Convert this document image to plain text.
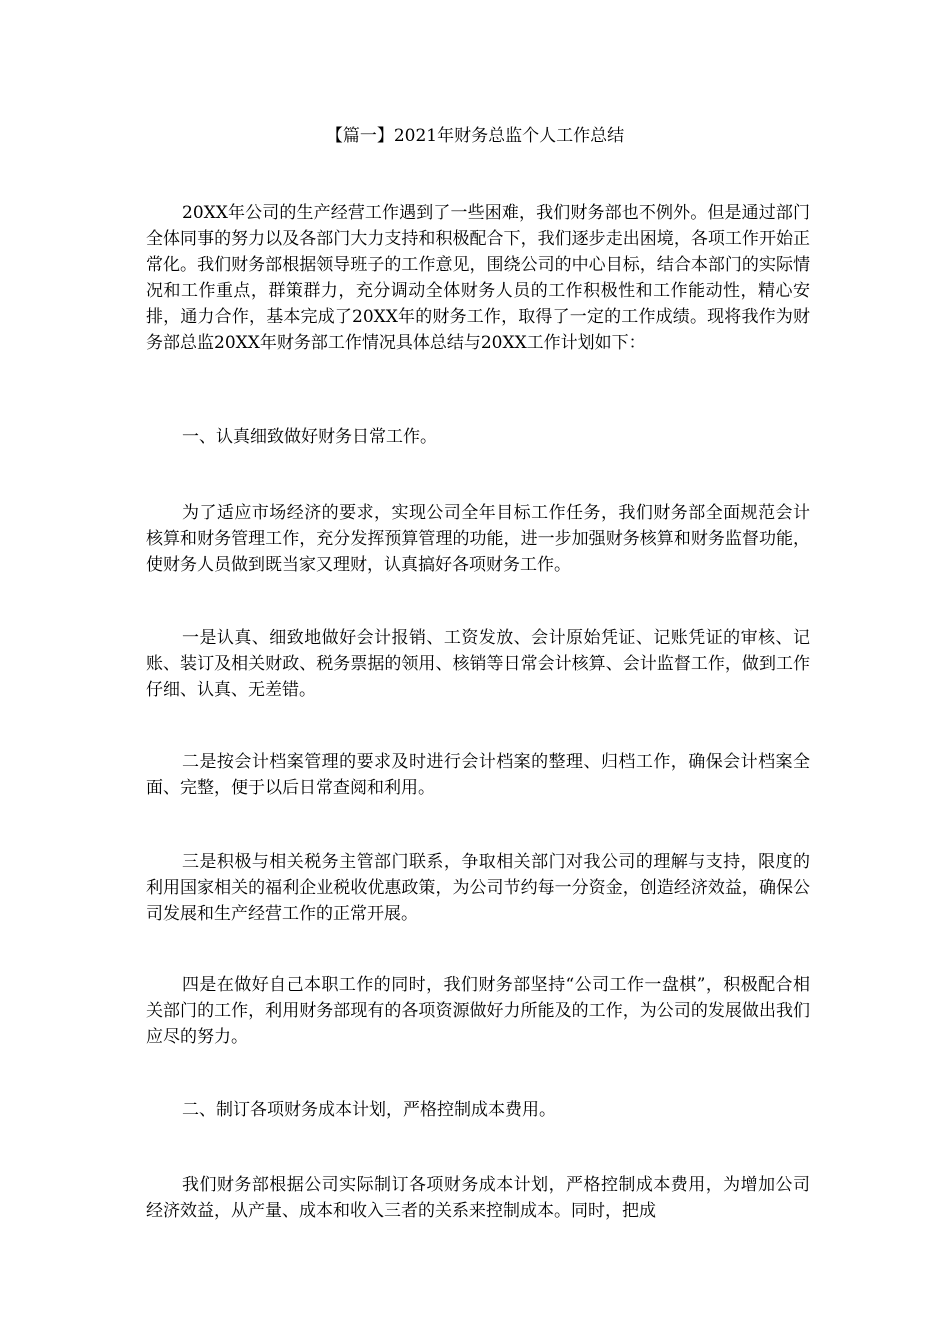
【篇一】2021年财务总监个人工作总结

20XX年公司的生产经营工作遇到了一些困难，我们财务部也不例外。但是通过部门全体同事的努力以及各部门大力支持和积极配合下，我们逐步走出困境，各项工作开始正常化。我们财务部根据领导班子的工作意见，围绕公司的中心目标，结合本部门的实际情况和工作重点，群策群力，充分调动全体财务人员的工作积极性和工作能动性，精心安排，通力合作，基本完成了20XX年的财务工作，取得了一定的工作成绩。现将我作为财务部总监20XX年财务部工作情况具体总结与20XX工作计划如下：

一、认真细致做好财务日常工作。

为了适应市场经济的要求，实现公司全年目标工作任务，我们财务部全面规范会计核算和财务管理工作，充分发挥预算管理的功能，进一步加强财务核算和财务监督功能，使财务人员做到既当家又理财，认真搞好各项财务工作。

一是认真、细致地做好会计报销、工资发放、会计原始凭证、记账凭证的审核、记账、装订及相关财政、税务票据的领用、核销等日常会计核算、会计监督工作，做到工作仔细、认真、无差错。

二是按会计档案管理的要求及时进行会计档案的整理、归档工作，确保会计档案全面、完整，便于以后日常查阅和利用。

三是积极与相关税务主管部门联系，争取相关部门对我公司的理解与支持，限度的利用国家相关的福利企业税收优惠政策，为公司节约每一分资金，创造经济效益，确保公司发展和生产经营工作的正常开展。

四是在做好自己本职工作的同时，我们财务部坚持“公司工作一盘棋”，积极配合相关部门的工作，利用财务部现有的各项资源做好力所能及的工作，为公司的发展做出我们应尽的努力。

二、制订各项财务成本计划，严格控制成本费用。

我们财务部根据公司实际制订各项财务成本计划，严格控制成本费用，为增加公司经济效益，从产量、成本和收入三者的关系来控制成本。同时，把成
